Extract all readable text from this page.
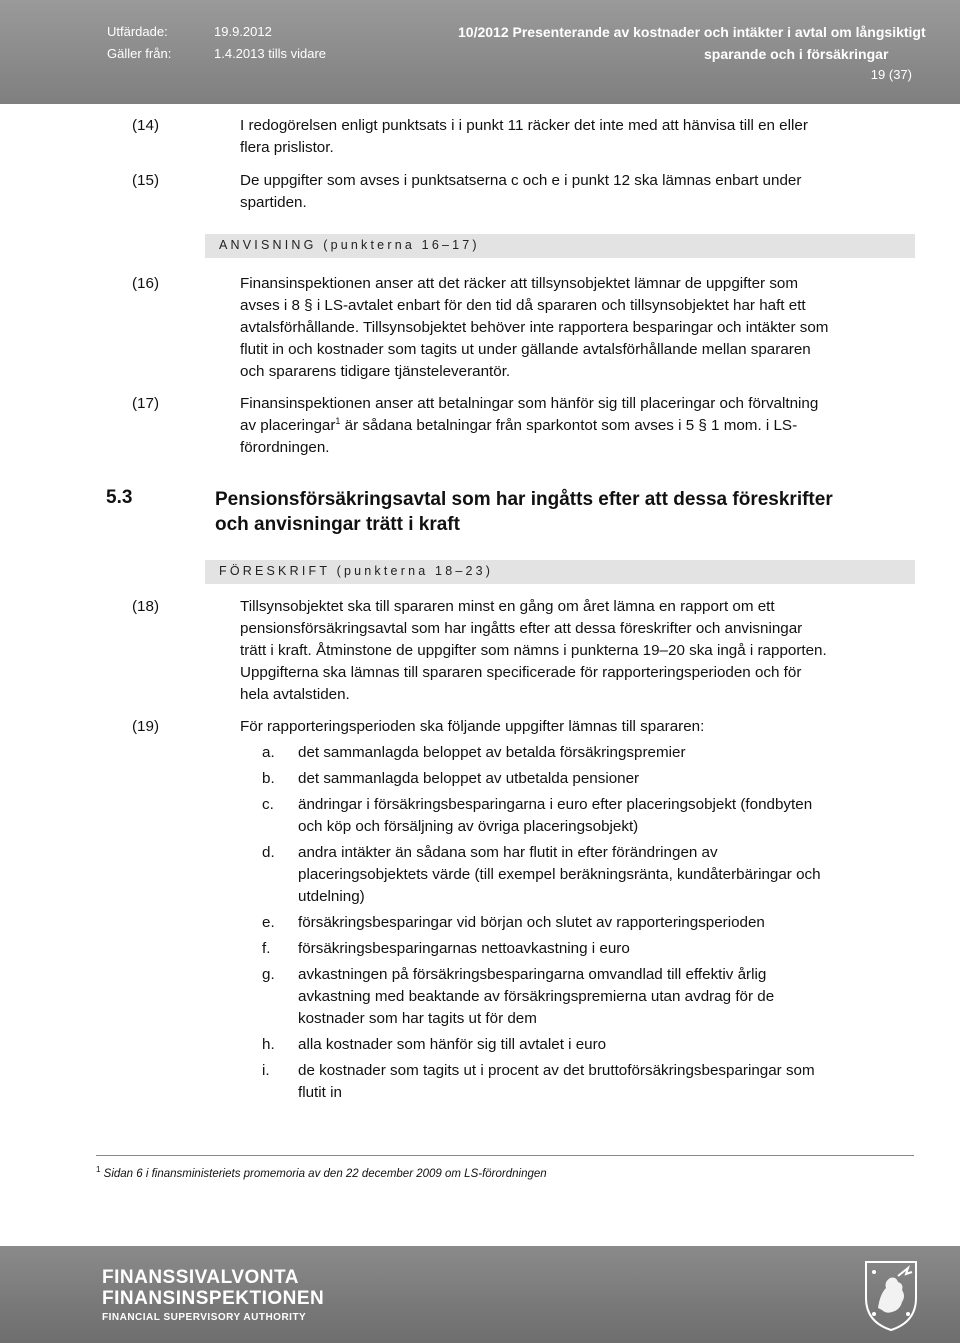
Utfärdade:	19.9.2012
Gäller från:	1.4.2013 tills vidare
10/2012 Presenterande av kostnader och intäkter i avtal om långsiktigt
sparande och i försäkringar
19 (37)
(14)	I redogörelsen enligt punktsats i i punkt 11 räcker det inte med att hänvisa till en eller
flera prislistor.
(15)	De uppgifter som avses i punktsatserna c och e i punkt 12 ska lämnas enbart under
spartiden.
ANVISNING (punkterna 16–17)
(16)	Finansinspektionen anser att det räcker att tillsynsobjektet lämnar de uppgifter som
avses i 8 § i LS-avtalet enbart för den tid då spararen och tillsynsobjektet har haft ett
avtalsförhållande. Tillsynsobjektet behöver inte rapportera besparingar och intäkter som
flutit in och kostnader som tagits ut under gällande avtalsförhållande mellan spararen
och spararens tidigare tjänsteleverantör.
(17)	Finansinspektionen anser att betalningar som hänför sig till placeringar och förvaltning
av placeringar$^1$ är sådana betalningar från sparkontot som avses i 5 § 1 mom. i LS-
förordningen.
5.3	Pensionsförsäkringsavtal som har ingåtts efter att dessa föreskrifter
och anvisningar trätt i kraft
FÖRESKRIFT (punkterna 18–23)
(18)	Tillsynsobjektet ska till spararen minst en gång om året lämna en rapport om ett
pensionsförsäkringsavtal som har ingåtts efter att dessa föreskrifter och anvisningar
trätt i kraft. Åtminstone de uppgifter som nämns i punkterna 19–20 ska ingå i rapporten.
Uppgifterna ska lämnas till spararen specificerade för rapporteringsperioden och för
hela avtalstiden.
(19)	För rapporteringsperioden ska följande uppgifter lämnas till spararen:
a. det sammanlagda beloppet av betalda försäkringspremier
b. det sammanlagda beloppet av utbetalda pensioner
c. ändringar i försäkringsbesparingarna i euro efter placeringsobjekt (fondbyten
och köp och försäljning av övriga placeringsobjekt)
d. andra intäkter än sådana som har flutit in efter förändringen av
placeringsobjektets värde (till exempel beräkningsränta, kundåterbäringar och
utdelning)
e. försäkringsbesparingar vid början och slutet av rapporteringsperioden
f. försäkringsbesparingarnas nettoavkastning i euro
g. avkastningen på försäkringsbesparingarna omvandlad till effektiv årlig
avkastning med beaktande av försäkringspremierna utan avdrag för de
kostnader som har tagits ut för dem
h. alla kostnader som hänför sig till avtalet i euro
i. de kostnader som tagits ut i procent av det bruttoförsäkringsbesparingar som
flutit in
$^1$ Sidan 6 i finansministeriets promemoria av den 22 december 2009 om LS-förordningen
FINANSSIVALVONTA
FINANSINSPEKTIONEN
FINANCIAL SUPERVISORY AUTHORITY
